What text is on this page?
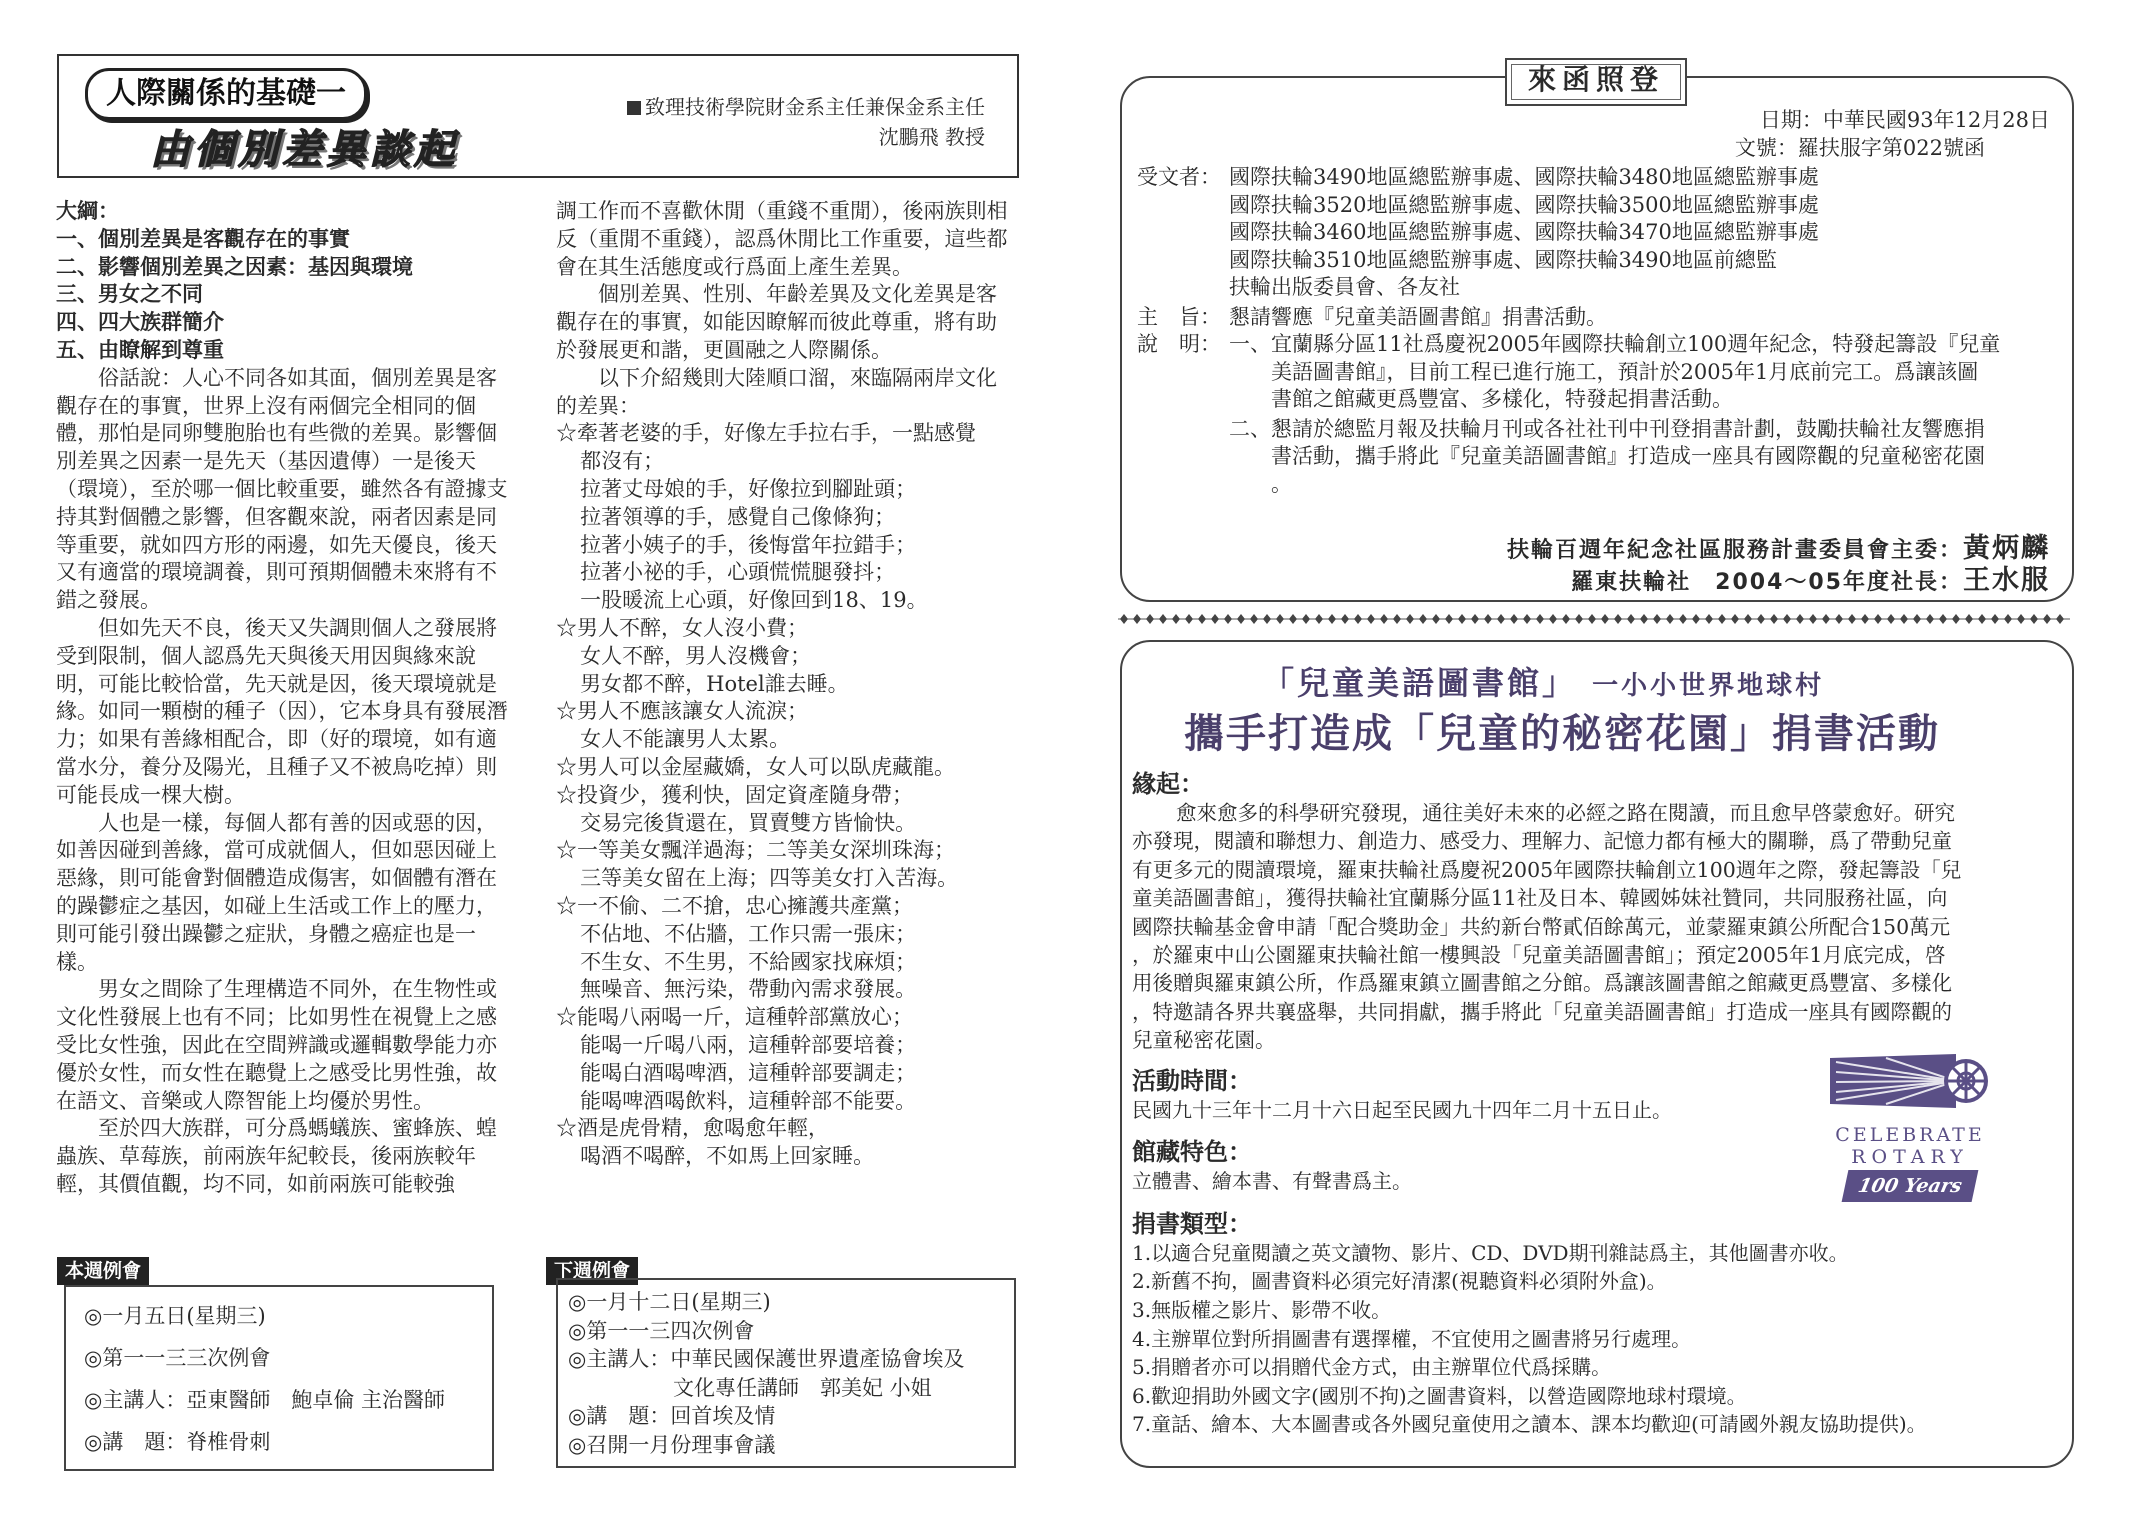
人際關係的基礎一
由個別差異談起
致理技術學院財金系主任兼保金系主任
沈鵬飛 教授

大綱：

一、個別差異是客觀存在的事實

二、影響個別差異之因素：基因與環境

三、男女之不同

四、四大族群簡介

五、由瞭解到尊重

俗話說：人心不同各如其面，個別差異是客觀存在的事實，世界上沒有兩個完全相同的個體，那怕是同卵雙胞胎也有些微的差異。影響個別差異之因素一是先天（基因遺傳）一是後天（環境），至於哪一個比較重要，雖然各有證據支持其對個體之影響，但客觀來說，兩者因素是同等重要，就如四方形的兩邊，如先天優良，後天又有適當的環境調養，則可預期個體未來將有不錯之發展。

但如先天不良，後天又失調則個人之發展將受到限制，個人認爲先天與後天用因與緣來說明，可能比較恰當，先天就是因，後天環境就是緣。如同一顆樹的種子（因），它本身具有發展潛力；如果有善緣相配合，即（好的環境，如有適當水分，養分及陽光，且種子又不被鳥吃掉）則可能長成一棵大樹。

人也是一樣，每個人都有善的因或惡的因，如善因碰到善緣，當可成就個人，但如惡因碰上惡緣，則可能會對個體造成傷害，如個體有潛在的躁鬱症之基因，如碰上生活或工作上的壓力，則可能引發出躁鬱之症狀，身體之癌症也是一樣。

男女之間除了生理構造不同外，在生物性或文化性發展上也有不同；比如男性在視覺上之感受比女性強，因此在空間辨識或邏輯數學能力亦優於女性，而女性在聽覺上之感受比男性強，故在語文、音樂或人際智能上均優於男性。

至於四大族群，可分爲螞蟻族、蜜蜂族、蝗蟲族、草莓族，前兩族年紀較長，後兩族較年輕，其價值觀，均不同，如前兩族可能較強

調工作而不喜歡休閒（重錢不重閒），後兩族則相反（重閒不重錢），認爲休閒比工作重要，這些都會在其生活態度或行爲面上產生差異。

個別差異、性別、年齡差異及文化差異是客觀存在的事實，如能因瞭解而彼此尊重，將有助於發展更和諧，更圓融之人際關係。

以下介紹幾則大陸順口溜，來臨隔兩岸文化的差異：

☆牽著老婆的手，好像左手拉右手，一點感覺

都沒有；

拉著丈母娘的手，好像拉到腳趾頭；

拉著領導的手，感覺自己像條狗；

拉著小姨子的手，後悔當年拉錯手；

拉著小祕的手，心頭慌慌腿發抖；

一股暖流上心頭，好像回到18、19。

☆男人不醉，女人沒小費；

女人不醉，男人沒機會；

男女都不醉，Hotel誰去睡。

☆男人不應該讓女人流淚；

女人不能讓男人太累。

☆男人可以金屋藏嬌，女人可以臥虎藏龍。

☆投資少，獲利快，固定資產隨身帶；

交易完後貨還在，買賣雙方皆愉快。

☆一等美女飄洋過海；二等美女深圳珠海；

三等美女留在上海；四等美女打入苦海。

☆一不偷、二不搶，忠心擁護共產黨；

不佔地、不佔牆，工作只需一張床；

不生女、不生男，不給國家找麻煩；

無噪音、無污染，帶動內需求發展。

☆能喝八兩喝一斤，這種幹部黨放心；

能喝一斤喝八兩，這種幹部要培養；

能喝白酒喝啤酒，這種幹部要調走；

能喝啤酒喝飲料，這種幹部不能要。

☆酒是虎骨精，愈喝愈年輕，

喝酒不喝醉，不如馬上回家睡。

本週例會

◎一月五日(星期三)

◎第一一三三次例會

◎主講人：亞東醫師　鮑卓倫 主治醫師

◎講　題：脊椎骨刺

下週例會

◎一月十二日(星期三)

◎第一一三四次例會

◎主講人：中華民國保護世界遺產協會埃及

　　　　　文化專任講師　郭美妃 小姐

◎講　題：回首埃及情

◎召開一月份理事會議

來函照登
日期：中華民國93年12月28日
文號：羅扶服字第022號函
受文者： 國際扶輪3490地區總監辦事處、國際扶輪3480地區總監辦事處

國際扶輪3520地區總監辦事處、國際扶輪3500地區總監辦事處

國際扶輪3460地區總監辦事處、國際扶輪3470地區總監辦事處

國際扶輪3510地區總監辦事處、國際扶輪3490地區前總監

扶輪出版委員會、各友社

主　旨： 懇請響應『兒童美語圖書館』捐書活動。

說　明： 一、 宜蘭縣分區11社爲慶祝2005年國際扶輪創立100週年紀念，特發起籌設『兒童

美語圖書館』，目前工程已進行施工，預計於2005年1月底前完工。爲讓該圖

書館之館藏更爲豐富、多樣化，特發起捐書活動。

二、 懇請於總監月報及扶輪月刊或各社社刊中刊登捐書計劃，鼓勵扶輪社友響應捐

書活動，攜手將此『兒童美語圖書館』打造成一座具有國際觀的兒童秘密花園

。

扶輪百週年紀念社區服務計畫委員會主委：黃炳麟
羅東扶輪社　2004～05年度社長：王水服
「兒童美語圖書館」 一小小世界地球村
攜手打造成「兒童的秘密花園」捐書活動

緣起：

愈來愈多的科學研究發現，通往美好未來的必經之路在閱讀，而且愈早啓蒙愈好。研究

亦發現，閱讀和聯想力、創造力、感受力、理解力、記憶力都有極大的關聯，爲了帶動兒童

有更多元的閱讀環境，羅東扶輪社爲慶祝2005年國際扶輪創立100週年之際，發起籌設「兒

童美語圖書館」，獲得扶輪社宜蘭縣分區11社及日本、韓國姊妹社贊同，共同服務社區，向

國際扶輪基金會申請「配合獎助金」共約新台幣貳佰餘萬元，並蒙羅東鎮公所配合150萬元

，於羅東中山公園羅東扶輪社館一樓興設「兒童美語圖書館」；預定2005年1月底完成，啓

用後贈與羅東鎮公所，作爲羅東鎮立圖書館之分館。爲讓該圖書館之館藏更爲豐富、多樣化

，特邀請各界共襄盛舉，共同捐獻，攜手將此「兒童美語圖書館」打造成一座具有國際觀的

兒童秘密花園。

活動時間：

民國九十三年十二月十六日起至民國九十四年二月十五日止。

館藏特色：

立體書、繪本書、有聲書爲主。

捐書類型：

1.以適合兒童閱讀之英文讀物、影片、CD、DVD期刊雜誌爲主，其他圖書亦收。

2.新舊不拘，圖書資料必須完好清潔(視聽資料必須附外盒)。

3.無版權之影片、影帶不收。

4.主辦單位對所捐圖書有選擇權，不宜使用之圖書將另行處理。

5.捐贈者亦可以捐贈代金方式，由主辦單位代爲採購。

6.歡迎捐助外國文字(國別不拘)之圖書資料，以營造國際地球村環境。

7.童話、繪本、大本圖書或各外國兒童使用之讀本、課本均歡迎(可請國外親友協助提供)。

CELEBRATE
ROTARY
100 Years
